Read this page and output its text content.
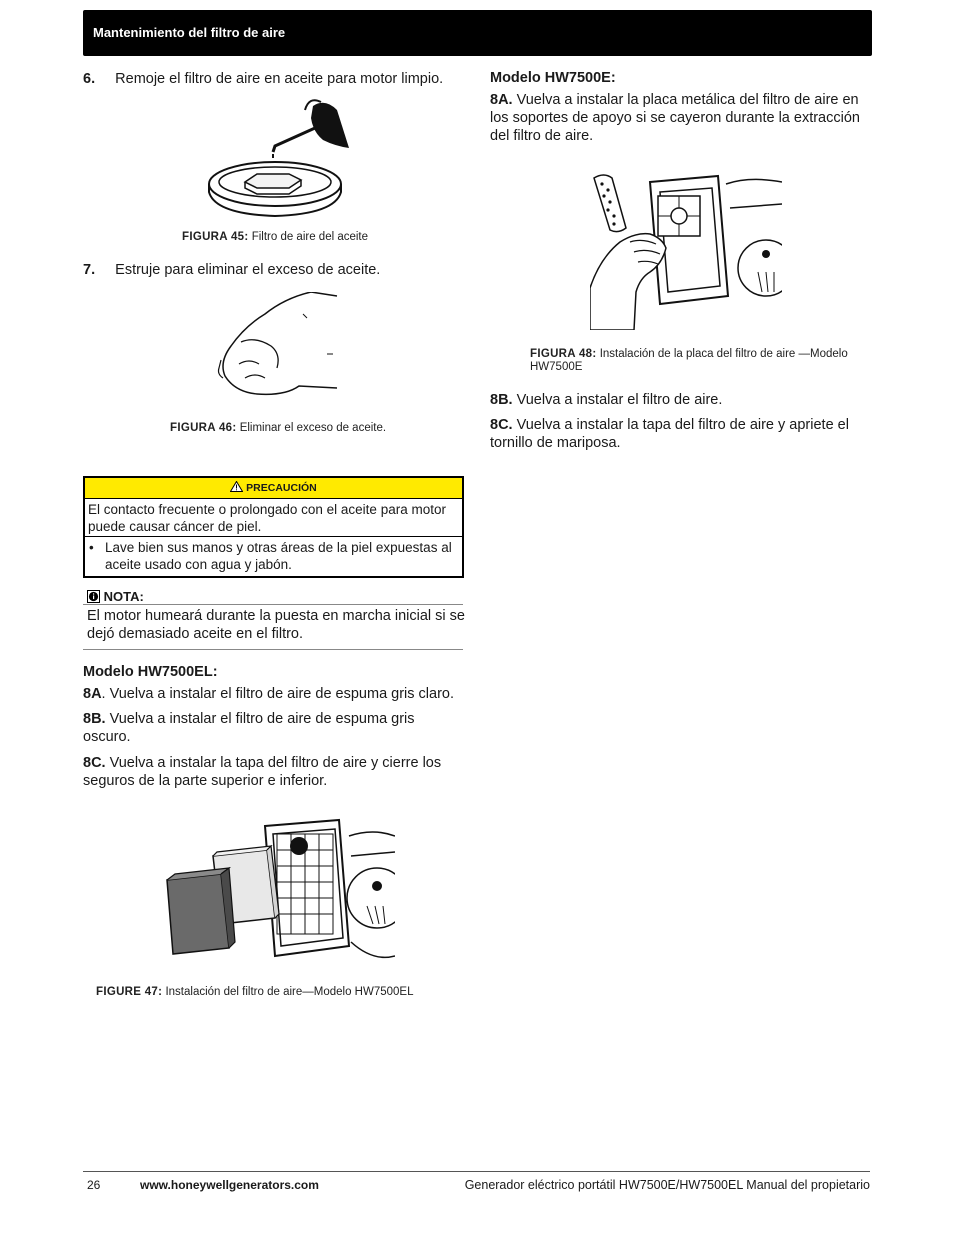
Mantenimiento del filtro de aire
6. Remoje el filtro de aire en aceite para motor limpio.
FIGURA 45: Filtro de aire del aceite
7. Estruje para eliminar el exceso de aceite.
FIGURA 46: Eliminar el exceso de aceite.
PRECAUCIÓN
El contacto frecuente o prolongado con el aceite para motor puede causar cáncer de piel.
• Lave bien sus manos y otras áreas de la piel expuestas al aceite usado con agua y jabón.
NOTA:
El motor humeará durante la puesta en marcha inicial si se dejó demasiado aceite en el filtro.
Modelo HW7500EL:
8A. Vuelva a instalar el filtro de aire de espuma gris claro.
8B. Vuelva a instalar el filtro de aire de espuma gris oscuro.
8C. Vuelva a instalar la tapa del filtro de aire y cierre los seguros de la parte superior e inferior.
FIGURE 47: Instalación del filtro de aire—Modelo HW7500EL
Modelo HW7500E:
8A. Vuelva a instalar la placa metálica del filtro de aire en los soportes de apoyo si se cayeron durante la extracción del filtro de aire.
FIGURA 48: Instalación de la placa del filtro de aire —Modelo HW7500E
8B. Vuelva a instalar el filtro de aire.
8C. Vuelva a instalar la tapa del filtro de aire y apriete el tornillo de mariposa.
26	www.honeywellgenerators.com	Generador eléctrico portátil HW7500E/HW7500EL Manual del propietario
